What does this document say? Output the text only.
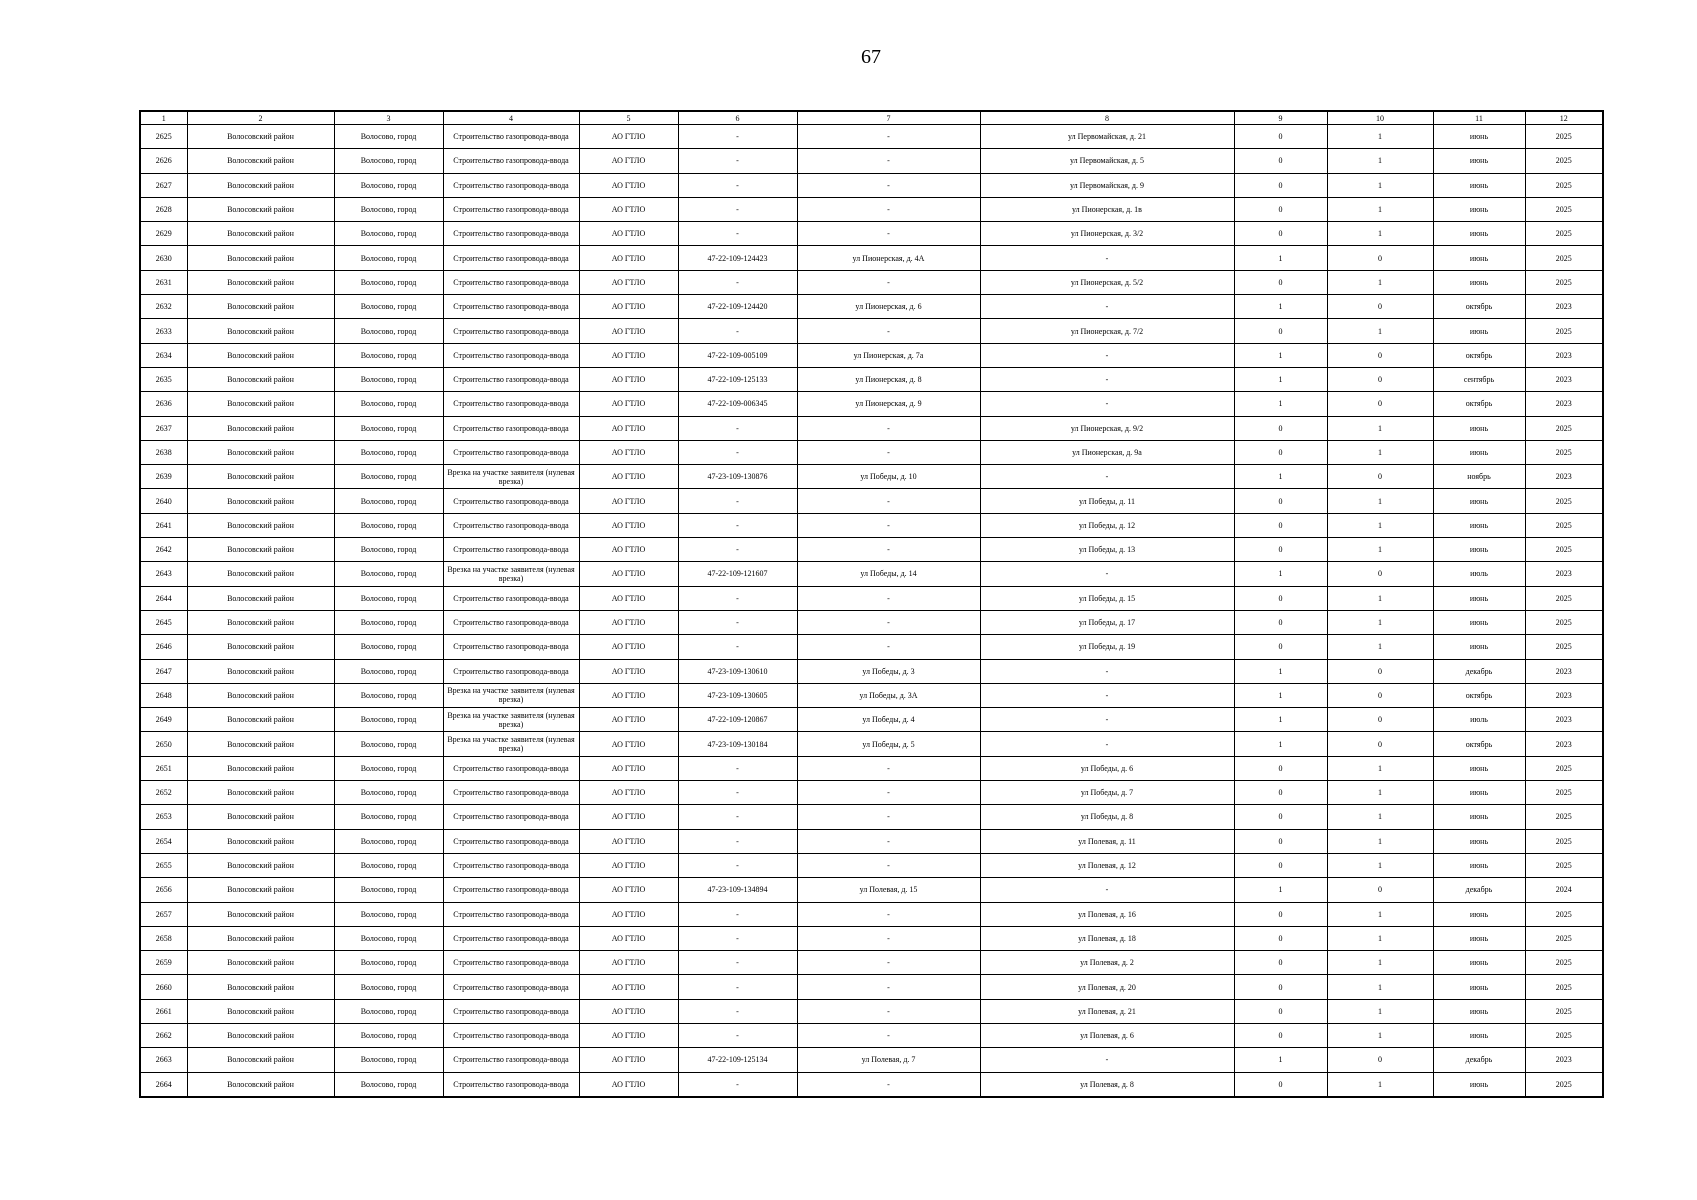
67
1	2	3	4	5	6	7	8	9	10	11	12
2625	Волосовский район	Волосово, город	Строительство газопровода-ввода	АО ГТЛО	-	-	ул Первомайская, д. 21	0	1	июнь	2025
2626	Волосовский район	Волосово, город	Строительство газопровода-ввода	АО ГТЛО	-	-	ул Первомайская, д. 5	0	1	июнь	2025
2627	Волосовский район	Волосово, город	Строительство газопровода-ввода	АО ГТЛО	-	-	ул Первомайская, д. 9	0	1	июнь	2025
2628	Волосовский район	Волосово, город	Строительство газопровода-ввода	АО ГТЛО	-	-	ул Пионерская, д. 1в	0	1	июнь	2025
2629	Волосовский район	Волосово, город	Строительство газопровода-ввода	АО ГТЛО	-	-	ул Пионерская, д. 3/2	0	1	июнь	2025
2630	Волосовский район	Волосово, город	Строительство газопровода-ввода	АО ГТЛО	47-22-109-124423	ул Пионерская, д. 4А	-	1	0	июнь	2025
2631	Волосовский район	Волосово, город	Строительство газопровода-ввода	АО ГТЛО	-	-	ул Пионерская, д. 5/2	0	1	июнь	2025
2632	Волосовский район	Волосово, город	Строительство газопровода-ввода	АО ГТЛО	47-22-109-124420	ул Пионерская, д. 6	-	1	0	октябрь	2023
2633	Волосовский район	Волосово, город	Строительство газопровода-ввода	АО ГТЛО	-	-	ул Пионерская, д. 7/2	0	1	июнь	2025
2634	Волосовский район	Волосово, город	Строительство газопровода-ввода	АО ГТЛО	47-22-109-005109	ул Пионерская, д. 7а	-	1	0	октябрь	2023
2635	Волосовский район	Волосово, город	Строительство газопровода-ввода	АО ГТЛО	47-22-109-125133	ул Пионерская, д. 8	-	1	0	сентябрь	2023
2636	Волосовский район	Волосово, город	Строительство газопровода-ввода	АО ГТЛО	47-22-109-006345	ул Пионерская, д. 9	-	1	0	октябрь	2023
2637	Волосовский район	Волосово, город	Строительство газопровода-ввода	АО ГТЛО	-	-	ул Пионерская, д. 9/2	0	1	июнь	2025
2638	Волосовский район	Волосово, город	Строительство газопровода-ввода	АО ГТЛО	-	-	ул Пионерская, д. 9а	0	1	июнь	2025
2639	Волосовский район	Волосово, город	Врезка на участке заявителя (нулевая врезка)	АО ГТЛО	47-23-109-130876	ул Победы, д. 10	-	1	0	ноябрь	2023
2640	Волосовский район	Волосово, город	Строительство газопровода-ввода	АО ГТЛО	-	-	ул Победы, д. 11	0	1	июнь	2025
2641	Волосовский район	Волосово, город	Строительство газопровода-ввода	АО ГТЛО	-	-	ул Победы, д. 12	0	1	июнь	2025
2642	Волосовский район	Волосово, город	Строительство газопровода-ввода	АО ГТЛО	-	-	ул Победы, д. 13	0	1	июнь	2025
2643	Волосовский район	Волосово, город	Врезка на участке заявителя (нулевая врезка)	АО ГТЛО	47-22-109-121607	ул Победы, д. 14	-	1	0	июль	2023
2644	Волосовский район	Волосово, город	Строительство газопровода-ввода	АО ГТЛО	-	-	ул Победы, д. 15	0	1	июнь	2025
2645	Волосовский район	Волосово, город	Строительство газопровода-ввода	АО ГТЛО	-	-	ул Победы, д. 17	0	1	июнь	2025
2646	Волосовский район	Волосово, город	Строительство газопровода-ввода	АО ГТЛО	-	-	ул Победы, д. 19	0	1	июнь	2025
2647	Волосовский район	Волосово, город	Строительство газопровода-ввода	АО ГТЛО	47-23-109-130610	ул Победы, д. 3	-	1	0	декабрь	2023
2648	Волосовский район	Волосово, город	Врезка на участке заявителя (нулевая врезка)	АО ГТЛО	47-23-109-130605	ул Победы, д. 3А	-	1	0	октябрь	2023
2649	Волосовский район	Волосово, город	Врезка на участке заявителя (нулевая врезка)	АО ГТЛО	47-22-109-120867	ул Победы, д. 4	-	1	0	июль	2023
2650	Волосовский район	Волосово, город	Врезка на участке заявителя (нулевая врезка)	АО ГТЛО	47-23-109-130184	ул Победы, д. 5	-	1	0	октябрь	2023
2651	Волосовский район	Волосово, город	Строительство газопровода-ввода	АО ГТЛО	-	-	ул Победы, д. 6	0	1	июнь	2025
2652	Волосовский район	Волосово, город	Строительство газопровода-ввода	АО ГТЛО	-	-	ул Победы, д. 7	0	1	июнь	2025
2653	Волосовский район	Волосово, город	Строительство газопровода-ввода	АО ГТЛО	-	-	ул Победы, д. 8	0	1	июнь	2025
2654	Волосовский район	Волосово, город	Строительство газопровода-ввода	АО ГТЛО	-	-	ул Полевая, д. 11	0	1	июнь	2025
2655	Волосовский район	Волосово, город	Строительство газопровода-ввода	АО ГТЛО	-	-	ул Полевая, д. 12	0	1	июнь	2025
2656	Волосовский район	Волосово, город	Строительство газопровода-ввода	АО ГТЛО	47-23-109-134894	ул Полевая, д. 15	-	1	0	декабрь	2024
2657	Волосовский район	Волосово, город	Строительство газопровода-ввода	АО ГТЛО	-	-	ул Полевая, д. 16	0	1	июнь	2025
2658	Волосовский район	Волосово, город	Строительство газопровода-ввода	АО ГТЛО	-	-	ул Полевая, д. 18	0	1	июнь	2025
2659	Волосовский район	Волосово, город	Строительство газопровода-ввода	АО ГТЛО	-	-	ул Полевая, д. 2	0	1	июнь	2025
2660	Волосовский район	Волосово, город	Строительство газопровода-ввода	АО ГТЛО	-	-	ул Полевая, д. 20	0	1	июнь	2025
2661	Волосовский район	Волосово, город	Строительство газопровода-ввода	АО ГТЛО	-	-	ул Полевая, д. 21	0	1	июнь	2025
2662	Волосовский район	Волосово, город	Строительство газопровода-ввода	АО ГТЛО	-	-	ул Полевая, д. 6	0	1	июнь	2025
2663	Волосовский район	Волосово, город	Строительство газопровода-ввода	АО ГТЛО	47-22-109-125134	ул Полевая, д. 7	-	1	0	декабрь	2023
2664	Волосовский район	Волосово, город	Строительство газопровода-ввода	АО ГТЛО	-	-	ул Полевая, д. 8	0	1	июнь	2025
